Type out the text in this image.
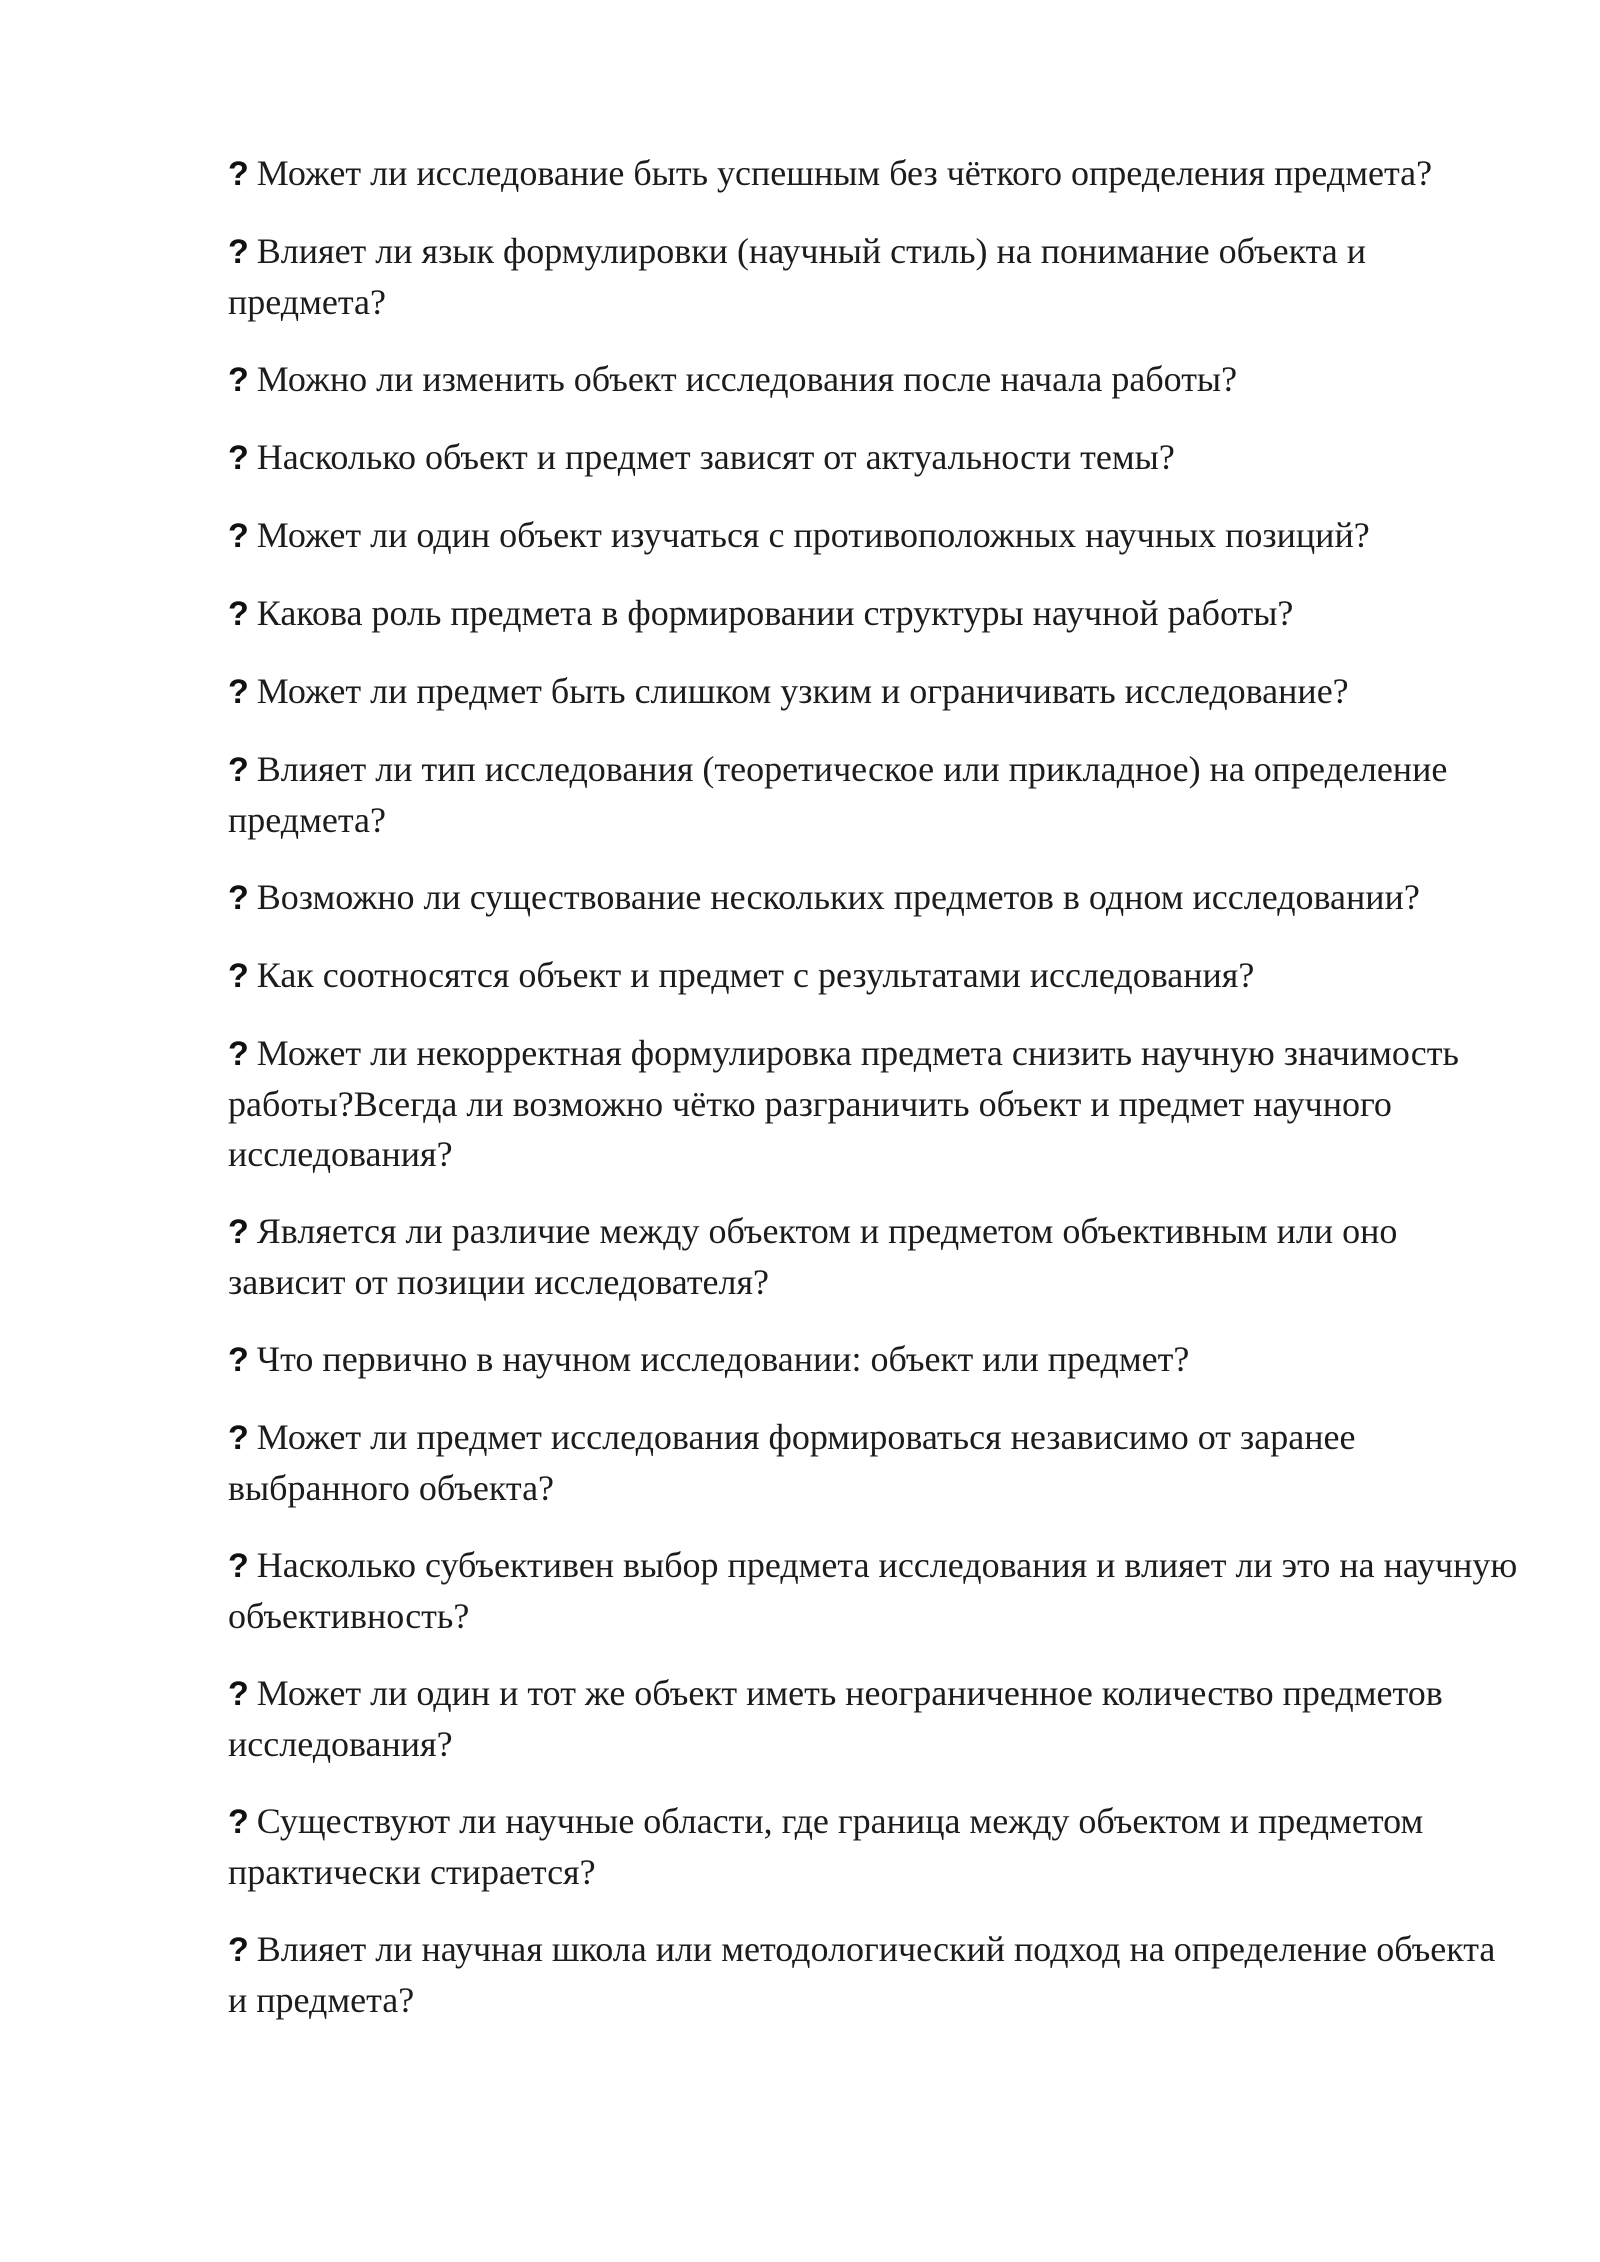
? Может ли исследование быть успешным без чёткого определения предмета?
? Влияет ли язык формулировки (научный стиль) на понимание объекта и предмета?
? Можно ли изменить объект исследования после начала работы?
? Насколько объект и предмет зависят от актуальности темы?
? Может ли один объект изучаться с противоположных научных позиций?
? Какова роль предмета в формировании структуры научной работы?
? Может ли предмет быть слишком узким и ограничивать исследование?
? Влияет ли тип исследования (теоретическое или прикладное) на определение предмета?
? Возможно ли существование нескольких предметов в одном исследовании?
? Как соотносятся объект и предмет с результатами исследования?
? Может ли некорректная формулировка предмета снизить научную значимость работы?Всегда ли возможно чётко разграничить объект и предмет научного исследования?
? Является ли различие между объектом и предметом объективным или оно зависит от позиции исследователя?
? Что первично в научном исследовании: объект или предмет?
? Может ли предмет исследования формироваться независимо от заранее выбранного объекта?
? Насколько субъективен выбор предмета исследования и влияет ли это на научную объективность?
? Может ли один и тот же объект иметь неограниченное количество предметов исследования?
? Существуют ли научные области, где граница между объектом и предметом практически стирается?
? Влияет ли научная школа или методологический подход на определение объекта и предмета?
